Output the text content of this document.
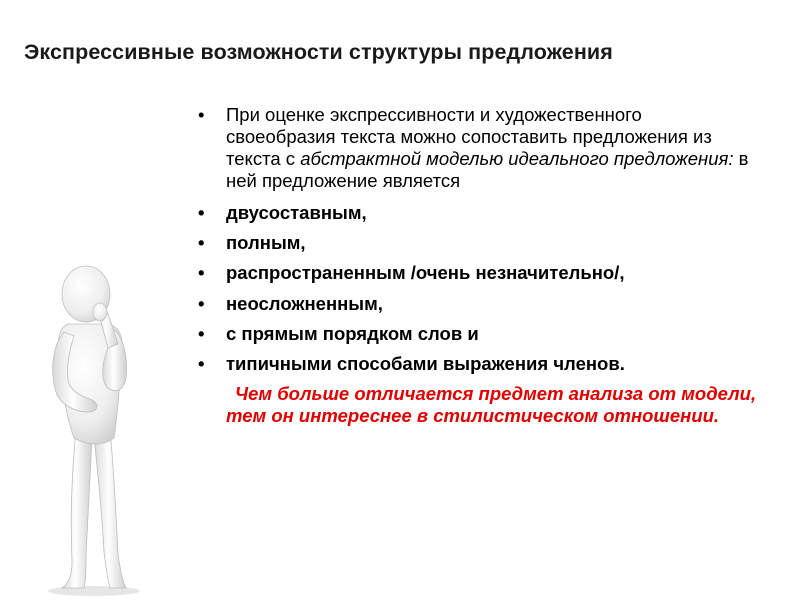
Экспрессивные возможности структуры предложения
• При оценке экспрессивности и художественного своеобразия текста можно сопоставить предложения из текста с абстрактной моделью идеального предложения: в ней предложение является
• двусоставным,
• полным,
• распространенным /очень незначительно/,
• неосложненным,
• с прямым порядком слов и
• типичными способами выражения членов.
Чем больше отличается предмет анализа от модели, тем он интереснее в стилистическом отношении.
